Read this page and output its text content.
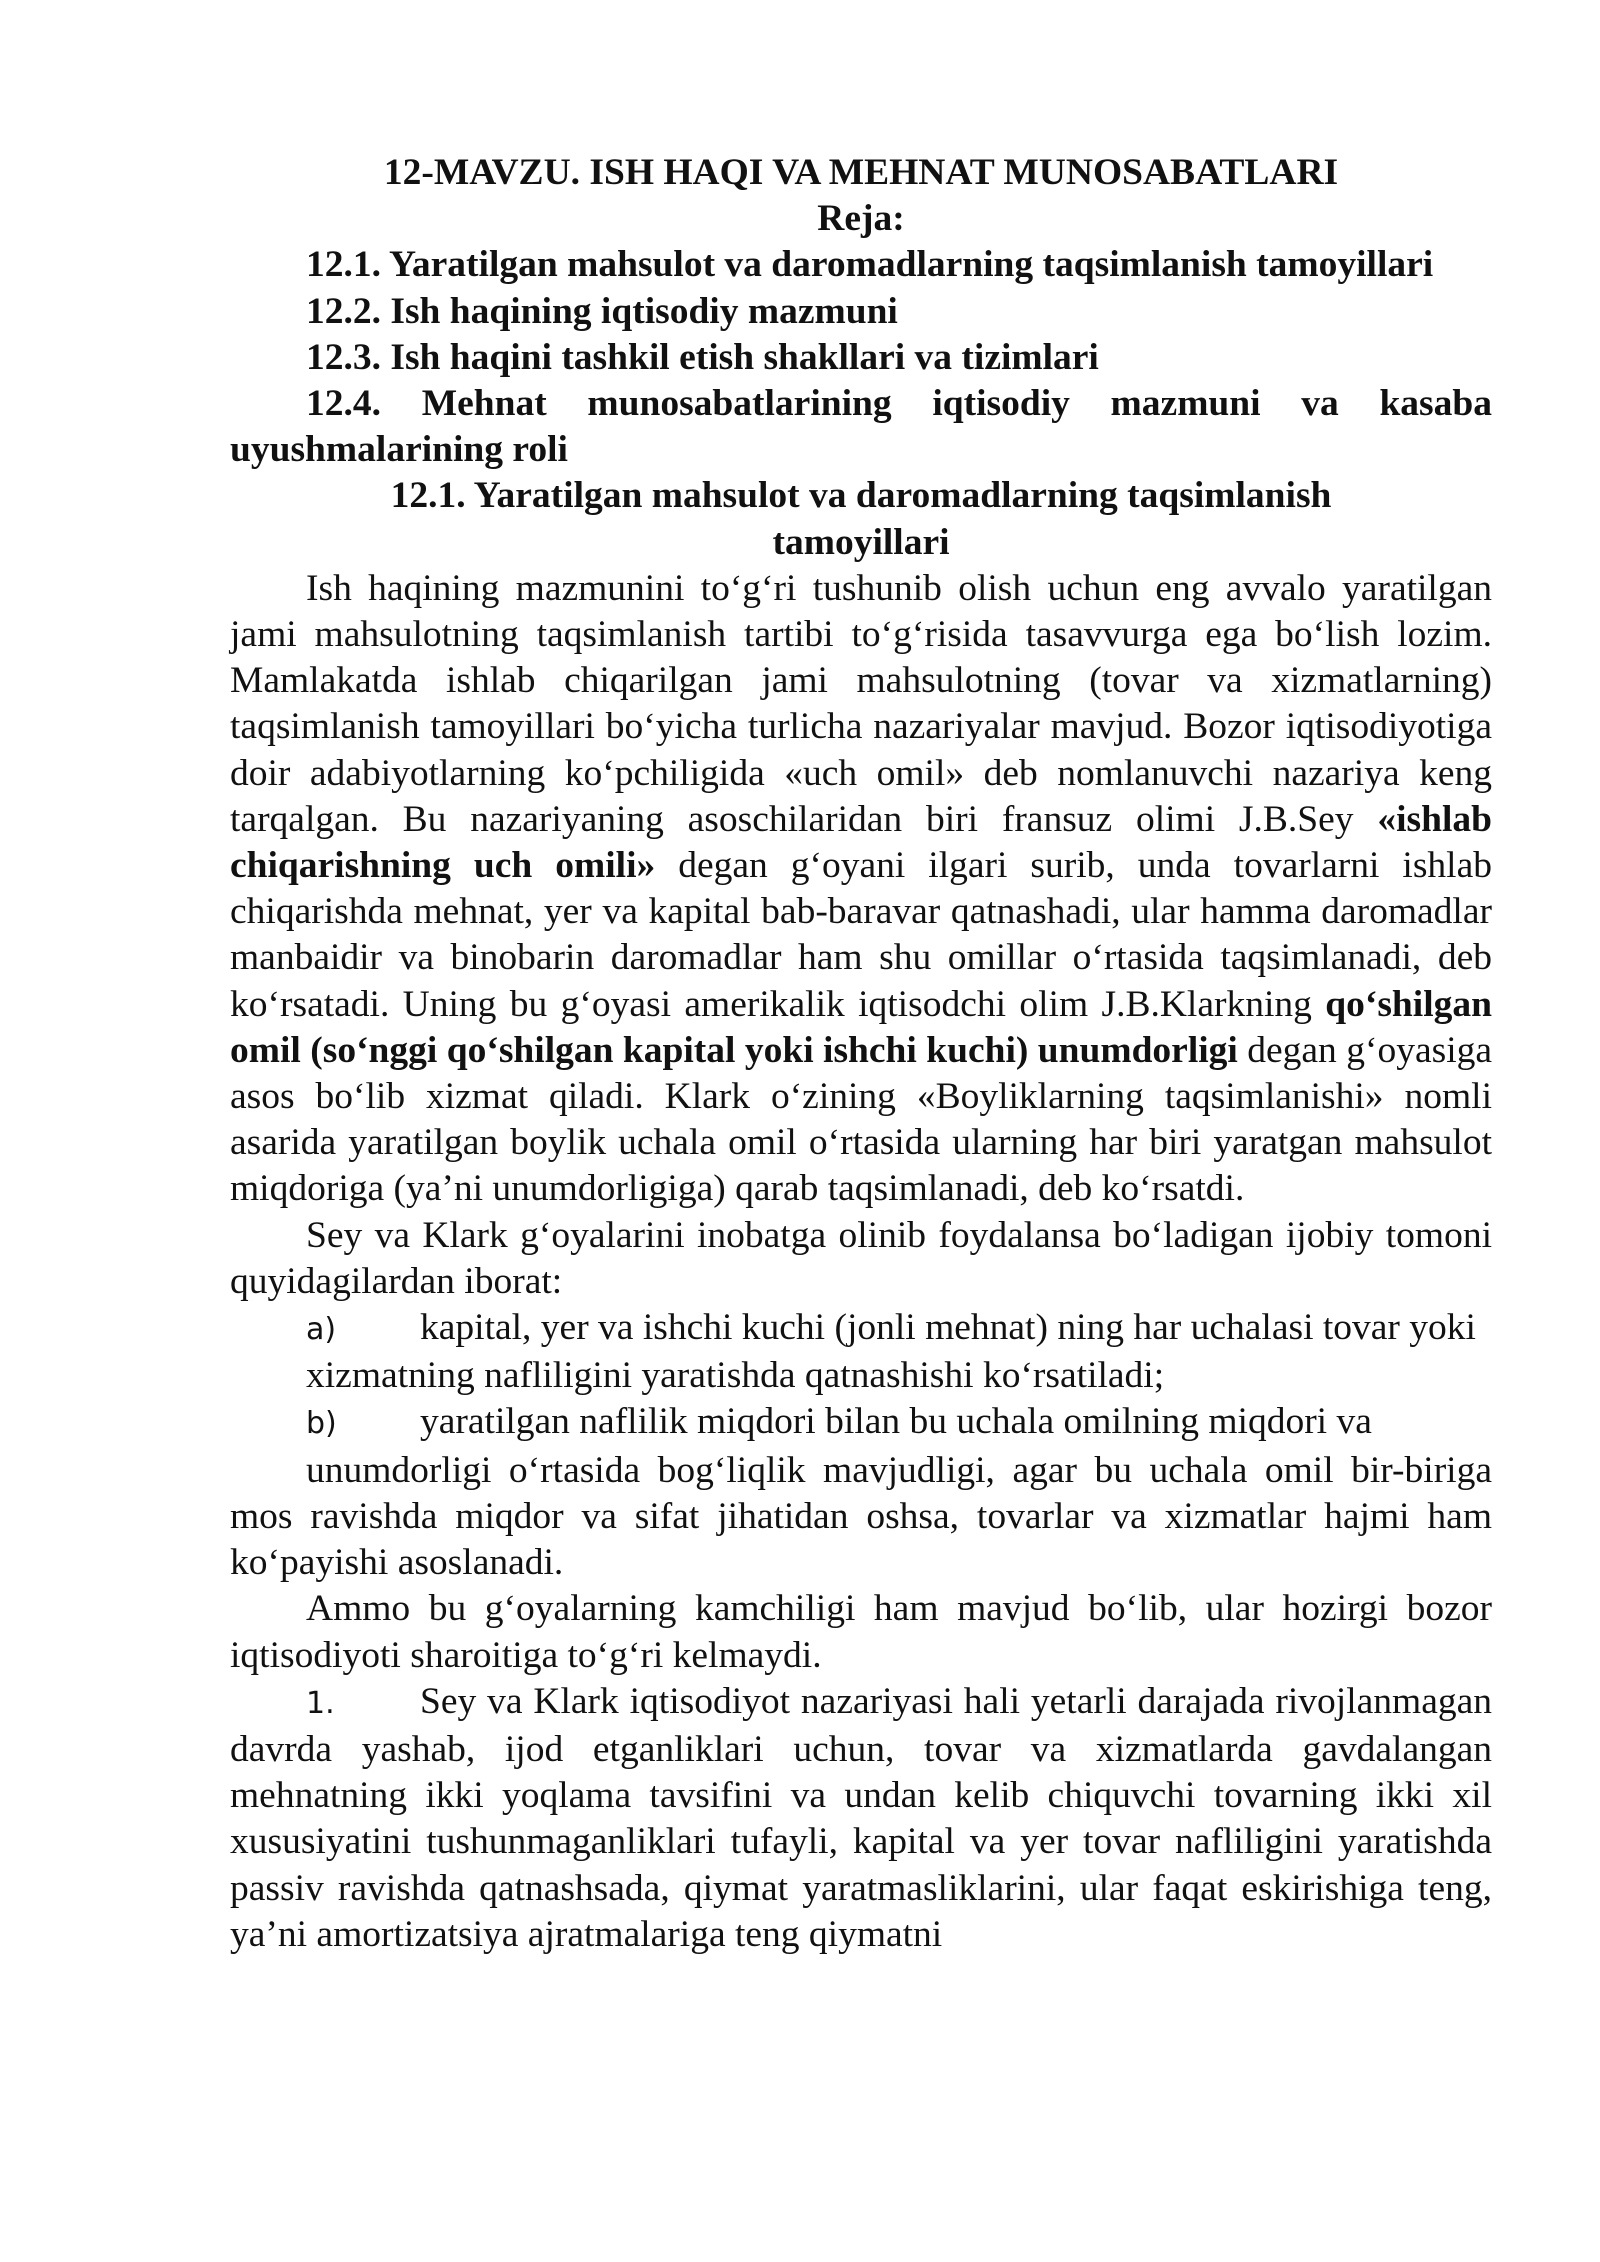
12-MAVZU. ISH HAQI VA MEHNAT MUNOSABATLARI

Reja:

12.1. Yaratilgan mahsulot va daromadlarning taqsimlanish tamoyillari

12.2. Ish haqining iqtisodiy mazmuni

12.3. Ish haqini tashkil etish shakllari va tizimlari

12.4. Mehnat munosabatlarining iqtisodiy mazmuni va kasaba uyushmalarining roli

12.1. Yaratilgan mahsulot va daromadlarning taqsimlanish tamoyillari

Ish haqining mazmunini to‘g‘ri tushunib olish uchun eng avvalo yaratilgan jami mahsulotning taqsimlanish tartibi to‘g‘risida tasavvurga ega bo‘lish lozim. Mamlakatda ishlab chiqarilgan jami mahsulotning (tovar va xizmatlarning) taqsimlanish tamoyillari bo‘yicha turlicha nazariyalar mavjud. Bozor iqtisodiyotiga doir adabiyotlarning ko‘pchiligida «uch omil» deb nomlanuvchi nazariya keng tarqalgan. Bu nazariyaning asoschilaridan biri fransuz olimi J.B.Sey «ishlab chiqarishning uch omili» degan g‘oyani ilgari surib, unda tovarlarni ishlab chiqarishda mehnat, yer va kapital bab-baravar qatnashadi, ular hamma daromadlar manbaidir va binobarin daromadlar ham shu omillar o‘rtasida taqsimlanadi, deb ko‘rsatadi. Uning bu g‘oyasi amerikalik iqtisodchi olim J.B.Klarkning qo‘shilgan omil (so‘nggi qo‘shilgan kapital yoki ishchi kuchi) unumdorligi degan g‘oyasiga asos bo‘lib xizmat qiladi. Klark o‘zining «Boyliklarning taqsimlanishi» nomli asarida yaratilgan boylik uchala omil o‘rtasida ularning har biri yaratgan mahsulot miqdoriga (ya’ni unumdorligiga) qarab taqsimlanadi, deb ko‘rsatdi.

Sey va Klark g‘oyalarini inobatga olinib foydalansa bo‘ladigan ijobiy tomoni quyidagilardan iborat:

a) kapital, yer va ishchi kuchi (jonli mehnat) ning har uchalasi tovar yoki

xizmatning nafliligini yaratishda qatnashishi ko‘rsatiladi;

b) yaratilgan naflilik miqdori bilan bu uchala omilning miqdori va

unumdorligi o‘rtasida bog‘liqlik mavjudligi, agar bu uchala omil bir-biriga mos ravishda miqdor va sifat jihatidan oshsa, tovarlar va xizmatlar hajmi ham ko‘payishi asoslanadi.

Ammo bu g‘oyalarning kamchiligi ham mavjud bo‘lib, ular hozirgi bozor iqtisodiyoti sharoitiga to‘g‘ri kelmaydi.

1. Sey va Klark iqtisodiyot nazariyasi hali yetarli darajada rivojlanmagan davrda yashab, ijod etganliklari uchun, tovar va xizmatlarda gavdalangan mehnatning ikki yoqlama tavsifini va undan kelib chiquvchi tovarning ikki xil xususiyatini tushunmaganliklari tufayli, kapital va yer tovar nafliligini yaratishda passiv ravishda qatnashsada, qiymat yaratmasliklarini, ular faqat eskirishiga teng, ya’ni amortizatsiya ajratmalariga teng qiymatni
